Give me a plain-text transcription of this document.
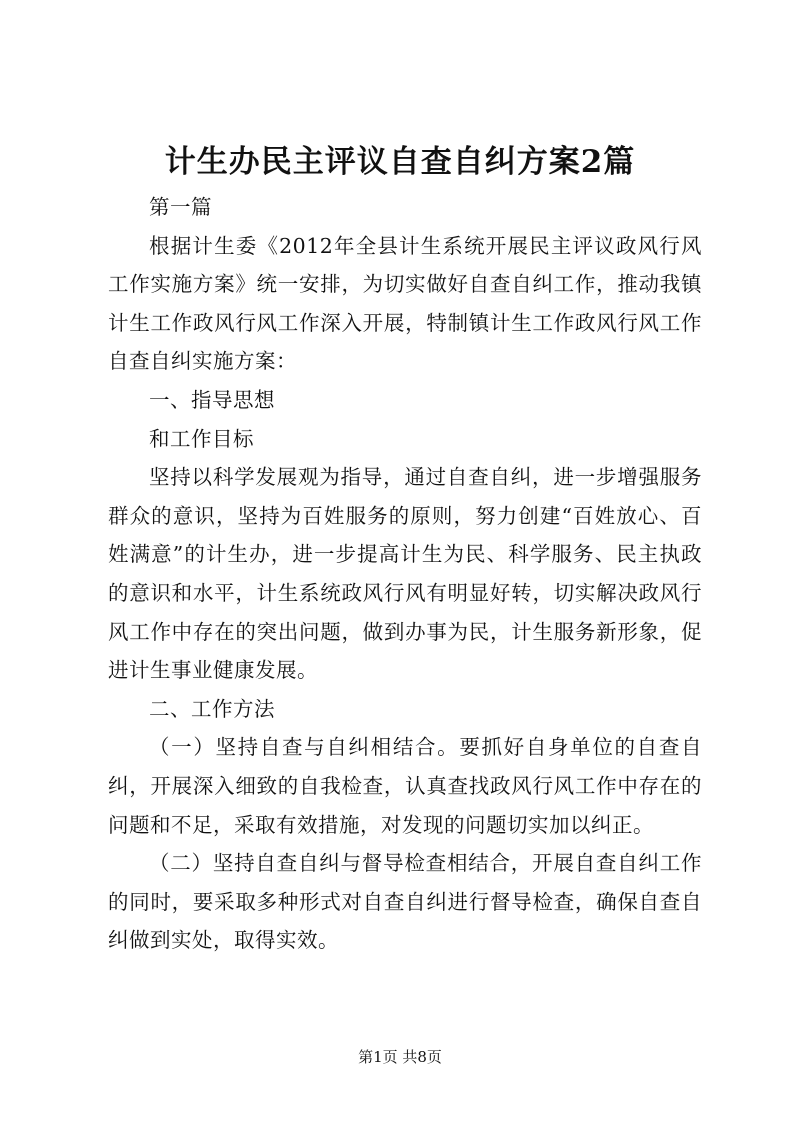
计生办民主评议自查自纠方案2篇

第一篇

根据计生委《2012年全县计生系统开展民主评议政风行风工作实施方案》统一安排，为切实做好自查自纠工作，推动我镇计生工作政风行风工作深入开展，特制镇计生工作政风行风工作自查自纠实施方案：

一、指导思想

和工作目标

坚持以科学发展观为指导，通过自查自纠，进一步增强服务群众的意识，坚持为百姓服务的原则，努力创建“百姓放心、百姓满意”的计生办，进一步提高计生为民、科学服务、民主执政的意识和水平，计生系统政风行风有明显好转，切实解决政风行风工作中存在的突出问题，做到办事为民，计生服务新形象，促进计生事业健康发展。

二、工作方法

（一）坚持自查与自纠相结合。要抓好自身单位的自查自纠，开展深入细致的自我检查，认真查找政风行风工作中存在的问题和不足，采取有效措施，对发现的问题切实加以纠正。

（二）坚持自查自纠与督导检查相结合，开展自查自纠工作的同时，要采取多种形式对自查自纠进行督导检查，确保自查自纠做到实处，取得实效。

第1页 共8页
